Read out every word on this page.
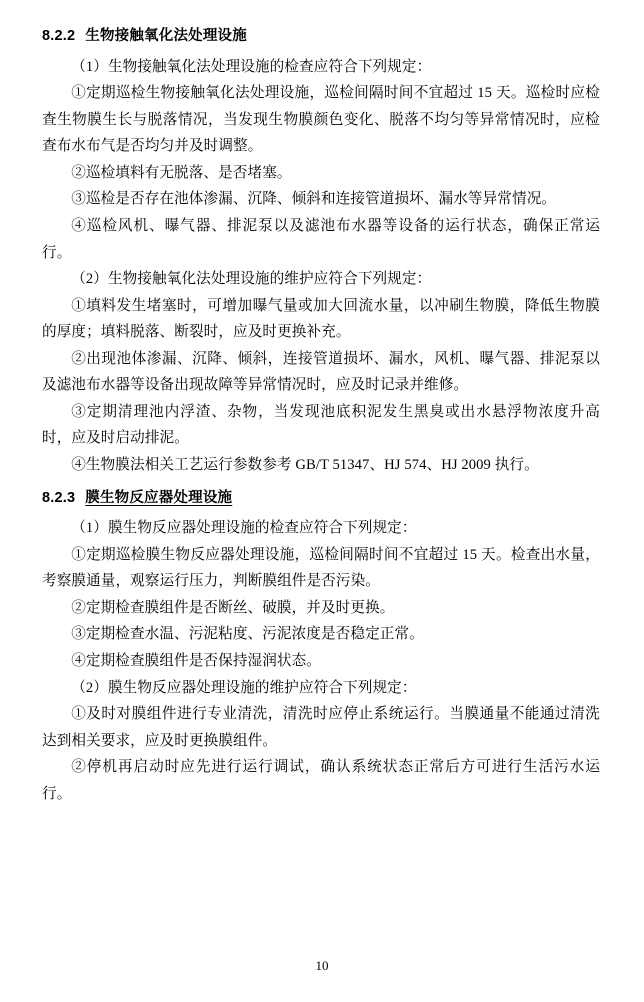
8.2.2 生物接触氧化法处理设施

（1）生物接触氧化法处理设施的检查应符合下列规定：

①定期巡检生物接触氧化法处理设施，巡检间隔时间不宜超过 15 天。巡检时应检查生物膜生长与脱落情况，当发现生物膜颜色变化、脱落不均匀等异常情况时，应检查布水布气是否均匀并及时调整。

②巡检填料有无脱落、是否堵塞。

③巡检是否存在池体渗漏、沉降、倾斜和连接管道损坏、漏水等异常情况。

④巡检风机、曝气器、排泥泵以及滤池布水器等设备的运行状态，确保正常运行。

（2）生物接触氧化法处理设施的维护应符合下列规定：

①填料发生堵塞时，可增加曝气量或加大回流水量，以冲刷生物膜，降低生物膜的厚度；填料脱落、断裂时，应及时更换补充。

②出现池体渗漏、沉降、倾斜，连接管道损坏、漏水，风机、曝气器、排泥泵以及滤池布水器等设备出现故障等异常情况时，应及时记录并维修。

③定期清理池内浮渣、杂物，当发现池底积泥发生黑臭或出水悬浮物浓度升高时，应及时启动排泥。

④生物膜法相关工艺运行参数参考 GB/T 51347、HJ 574、HJ 2009 执行。

8.2.3 膜生物反应器处理设施

（1）膜生物反应器处理设施的检查应符合下列规定：

①定期巡检膜生物反应器处理设施，巡检间隔时间不宜超过 15 天。检查出水量，考察膜通量，观察运行压力，判断膜组件是否污染。

②定期检查膜组件是否断丝、破膜，并及时更换。

③定期检查水温、污泥粘度、污泥浓度是否稳定正常。

④定期检查膜组件是否保持湿润状态。

（2）膜生物反应器处理设施的维护应符合下列规定：

①及时对膜组件进行专业清洗，清洗时应停止系统运行。当膜通量不能通过清洗达到相关要求，应及时更换膜组件。

②停机再启动时应先进行运行调试，确认系统状态正常后方可进行生活污水运行。

10
